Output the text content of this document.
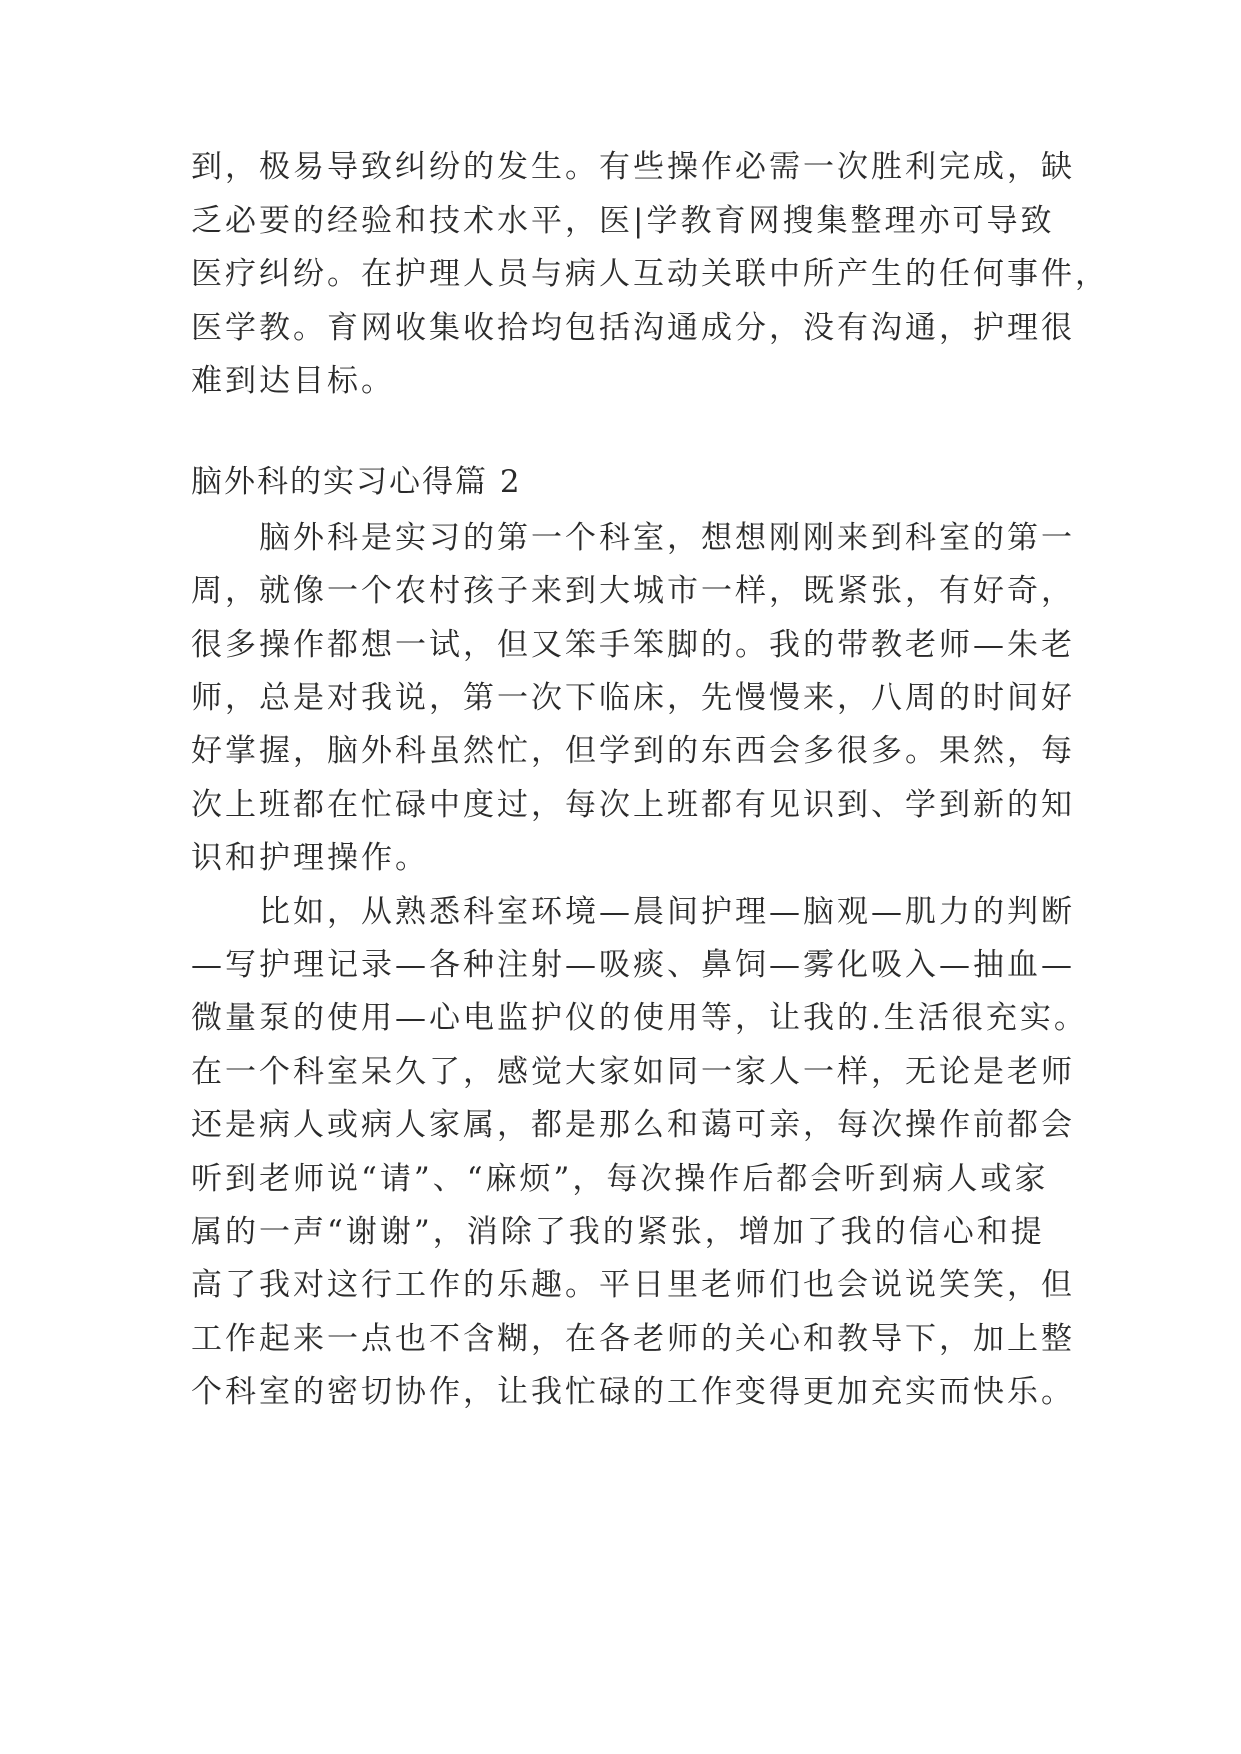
到，极易导致纠纷的发生。有些操作必需一次胜利完成，缺
乏必要的经验和技术水平，医|学教育网搜集整理亦可导致
医疗纠纷。在护理人员与病人互动关联中所产生的任何事件，
医学教。育网收集收拾均包括沟通成分，没有沟通，护理很
难到达目标。
脑外科的实习心得篇 2
　　脑外科是实习的第一个科室，想想刚刚来到科室的第一
周，就像一个农村孩子来到大城市一样，既紧张，有好奇，
很多操作都想一试，但又笨手笨脚的。我的带教老师—朱老
师，总是对我说，第一次下临床，先慢慢来，八周的时间好
好掌握，脑外科虽然忙，但学到的东西会多很多。果然，每
次上班都在忙碌中度过，每次上班都有见识到、学到新的知
识和护理操作。
　　比如，从熟悉科室环境—晨间护理—脑观—肌力的判断
—写护理记录—各种注射—吸痰、鼻饲—雾化吸入—抽血—
微量泵的使用—心电监护仪的使用等，让我的.生活很充实。
在一个科室呆久了，感觉大家如同一家人一样，无论是老师
还是病人或病人家属，都是那么和蔼可亲，每次操作前都会
听到老师说“请”、“麻烦”，每次操作后都会听到病人或家
属的一声“谢谢”，消除了我的紧张，增加了我的信心和提
高了我对这行工作的乐趣。平日里老师们也会说说笑笑，但
工作起来一点也不含糊，在各老师的关心和教导下，加上整
个科室的密切协作，让我忙碌的工作变得更加充实而快乐。
